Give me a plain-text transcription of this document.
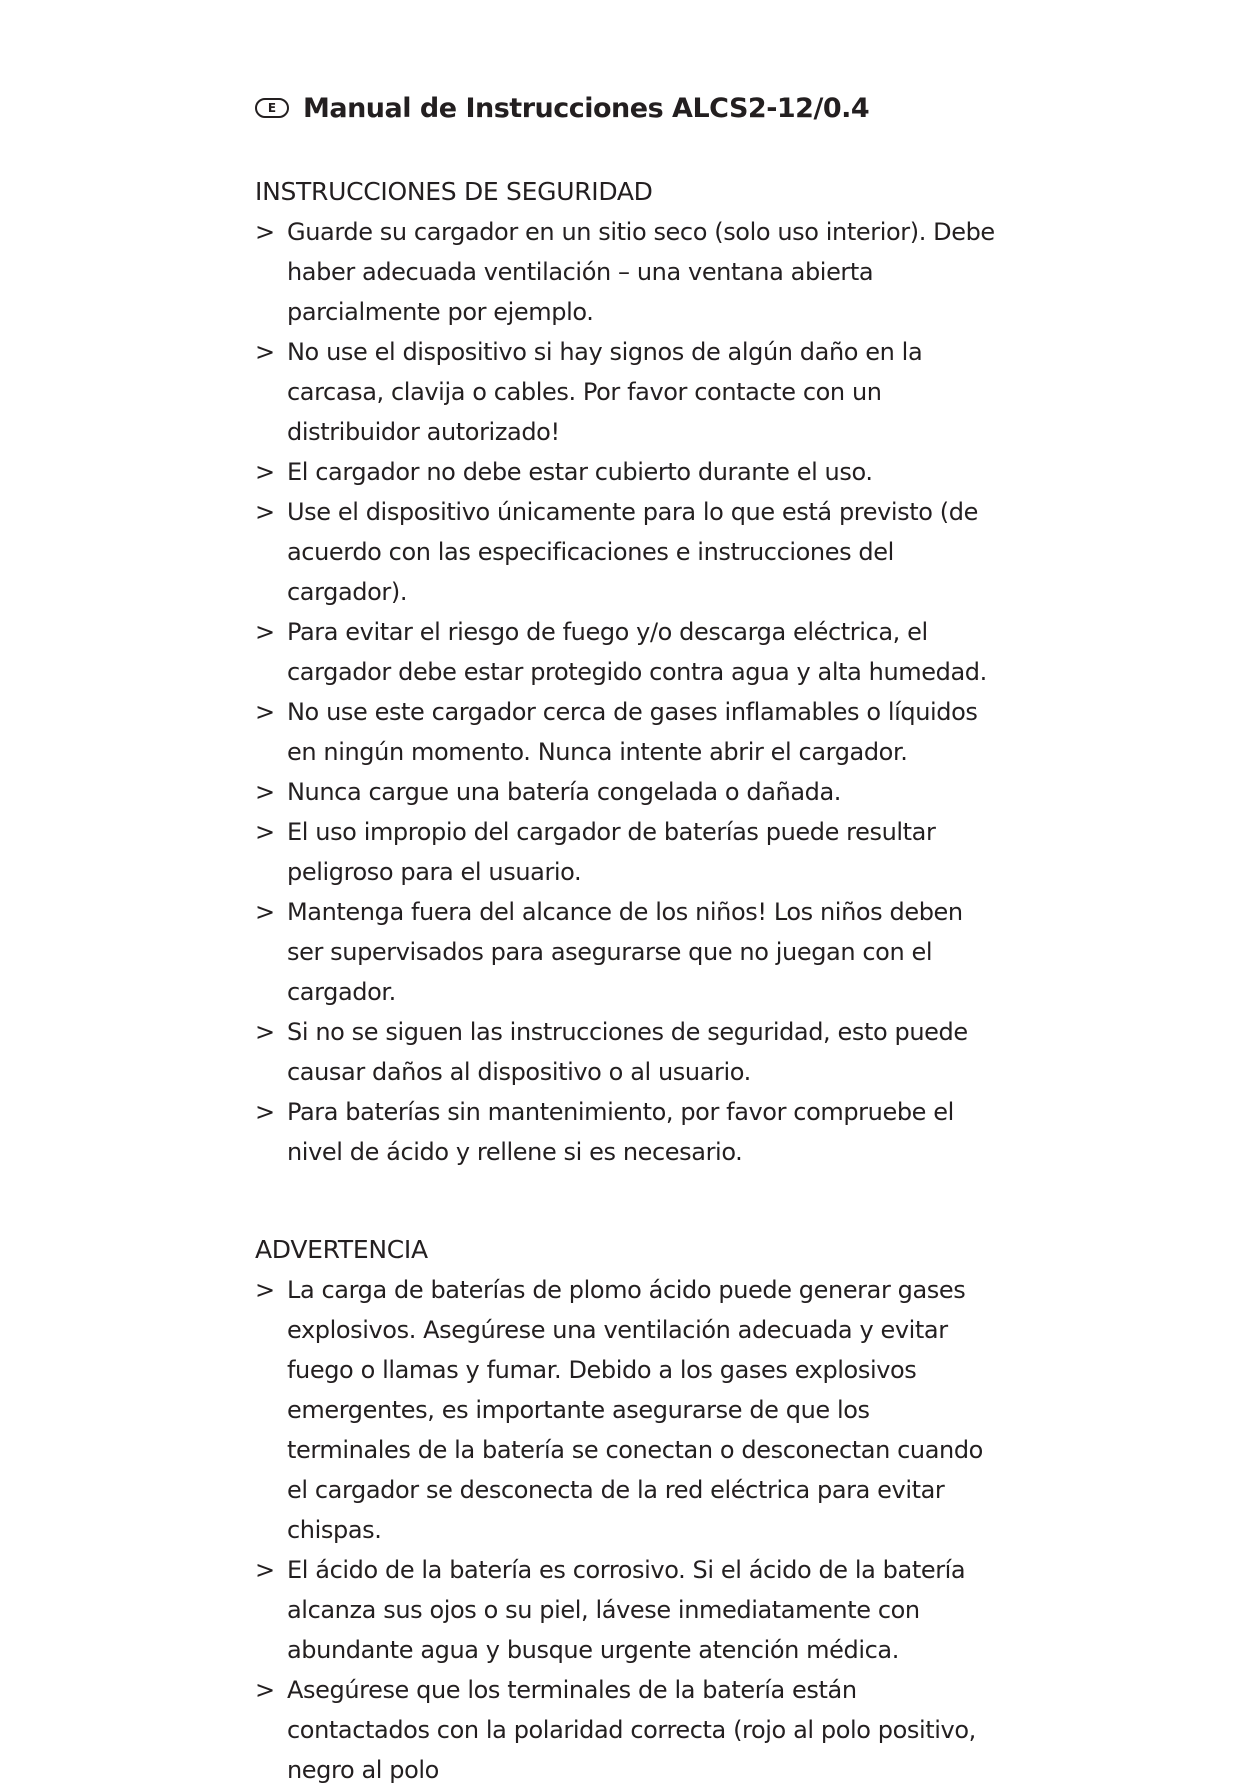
E Manual de Instrucciones ALCS2-12/0.4
INSTRUCCIONES DE SEGURIDAD
> Guarde su cargador en un sitio seco (solo uso interior). Debe haber adecuada ventilación – una ventana abierta parcialmente por ejemplo.
> No use el dispositivo si hay signos de algún daño en la carcasa, clavija o cables. Por favor contacte con un distribuidor autorizado!
> El cargador no debe estar cubierto durante el uso.
> Use el dispositivo únicamente para lo que está previsto (de acuerdo con las especificaciones e instrucciones del cargador).
> Para evitar el riesgo de fuego y/o descarga eléctrica, el cargador debe estar protegido contra agua y alta humedad.
> No use este cargador cerca de gases inflamables o líquidos en ningún momento. Nunca intente abrir el cargador.
> Nunca cargue una batería congelada o dañada.
> El uso impropio del cargador de baterías puede resultar peligroso para el usuario.
> Mantenga fuera del alcance de los niños! Los niños deben ser supervisados para asegurarse que no juegan con el cargador.
> Si no se siguen las instrucciones de seguridad, esto puede causar daños al dispositivo o al usuario.
> Para baterías sin mantenimiento, por favor compruebe el nivel de ácido y rellene si es necesario.
ADVERTENCIA
> La carga de baterías de plomo ácido puede generar gases explosivos. Asegúrese una ventilación adecuada y evitar fuego o llamas y fumar. Debido a los gases explosivos emergentes, es importante asegurarse de que los terminales de la batería se conectan o desconectan cuando el cargador se desconecta de la red eléctrica para evitar chispas.
> El ácido de la batería es corrosivo. Si el ácido de la batería alcanza sus ojos o su piel, lávese inmediatamente con abundante agua y busque urgente atención médica.
> Asegúrese que los terminales de la batería están contactados con la polaridad correcta (rojo al polo positivo, negro al polo
